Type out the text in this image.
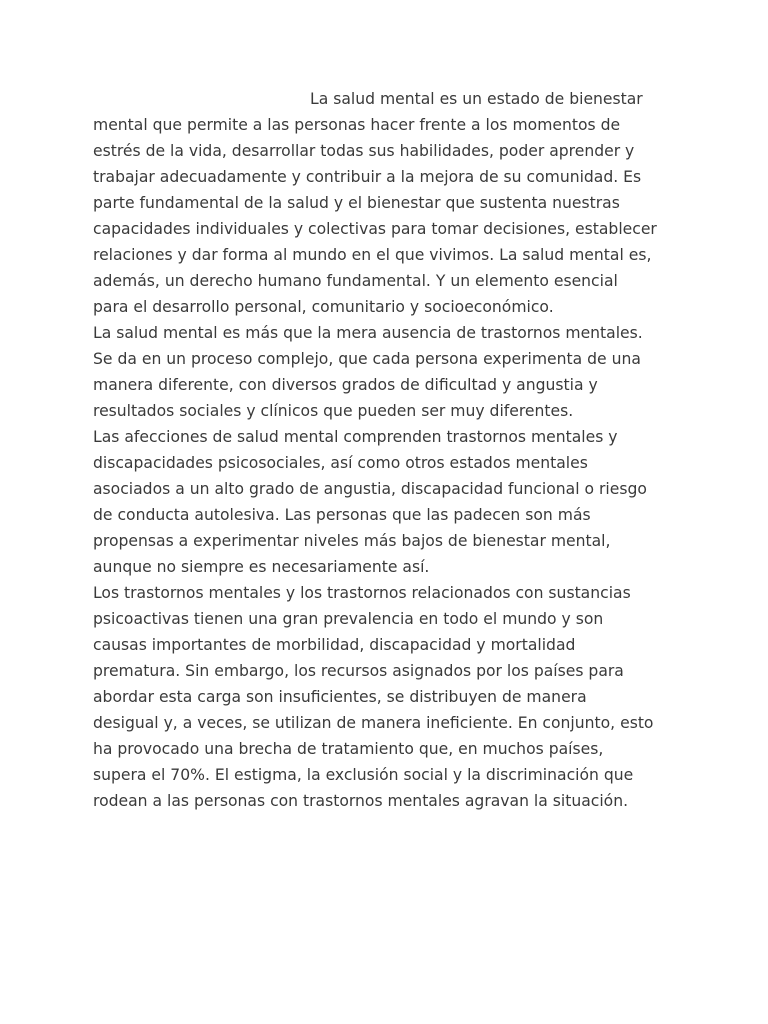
La salud mental es un estado de bienestar
mental que permite a las personas hacer frente a los momentos de
estrés de la vida, desarrollar todas sus habilidades, poder aprender y
trabajar adecuadamente y contribuir a la mejora de su comunidad. Es
parte fundamental de la salud y el bienestar que sustenta nuestras
capacidades individuales y colectivas para tomar decisiones, establecer
relaciones y dar forma al mundo en el que vivimos. La salud mental es,
además, un derecho humano fundamental. Y un elemento esencial
para el desarrollo personal, comunitario y socioeconómico.

La salud mental es más que la mera ausencia de trastornos mentales.
Se da en un proceso complejo, que cada persona experimenta de una
manera diferente, con diversos grados de dificultad y angustia y
resultados sociales y clínicos que pueden ser muy diferentes.

Las afecciones de salud mental comprenden trastornos mentales y
discapacidades psicosociales, así como otros estados mentales
asociados a un alto grado de angustia, discapacidad funcional o riesgo
de conducta autolesiva. Las personas que las padecen son más
propensas a experimentar niveles más bajos de bienestar mental,
aunque no siempre es necesariamente así.

Los trastornos mentales y los trastornos relacionados con sustancias
psicoactivas tienen una gran prevalencia en todo el mundo y son
causas importantes de morbilidad, discapacidad y mortalidad
prematura. Sin embargo, los recursos asignados por los países para
abordar esta carga son insuficientes, se distribuyen de manera
desigual y, a veces, se utilizan de manera ineficiente. En conjunto, esto
ha provocado una brecha de tratamiento que, en muchos países,
supera el 70%. El estigma, la exclusión social y la discriminación que
rodean a las personas con trastornos mentales agravan la situación.
